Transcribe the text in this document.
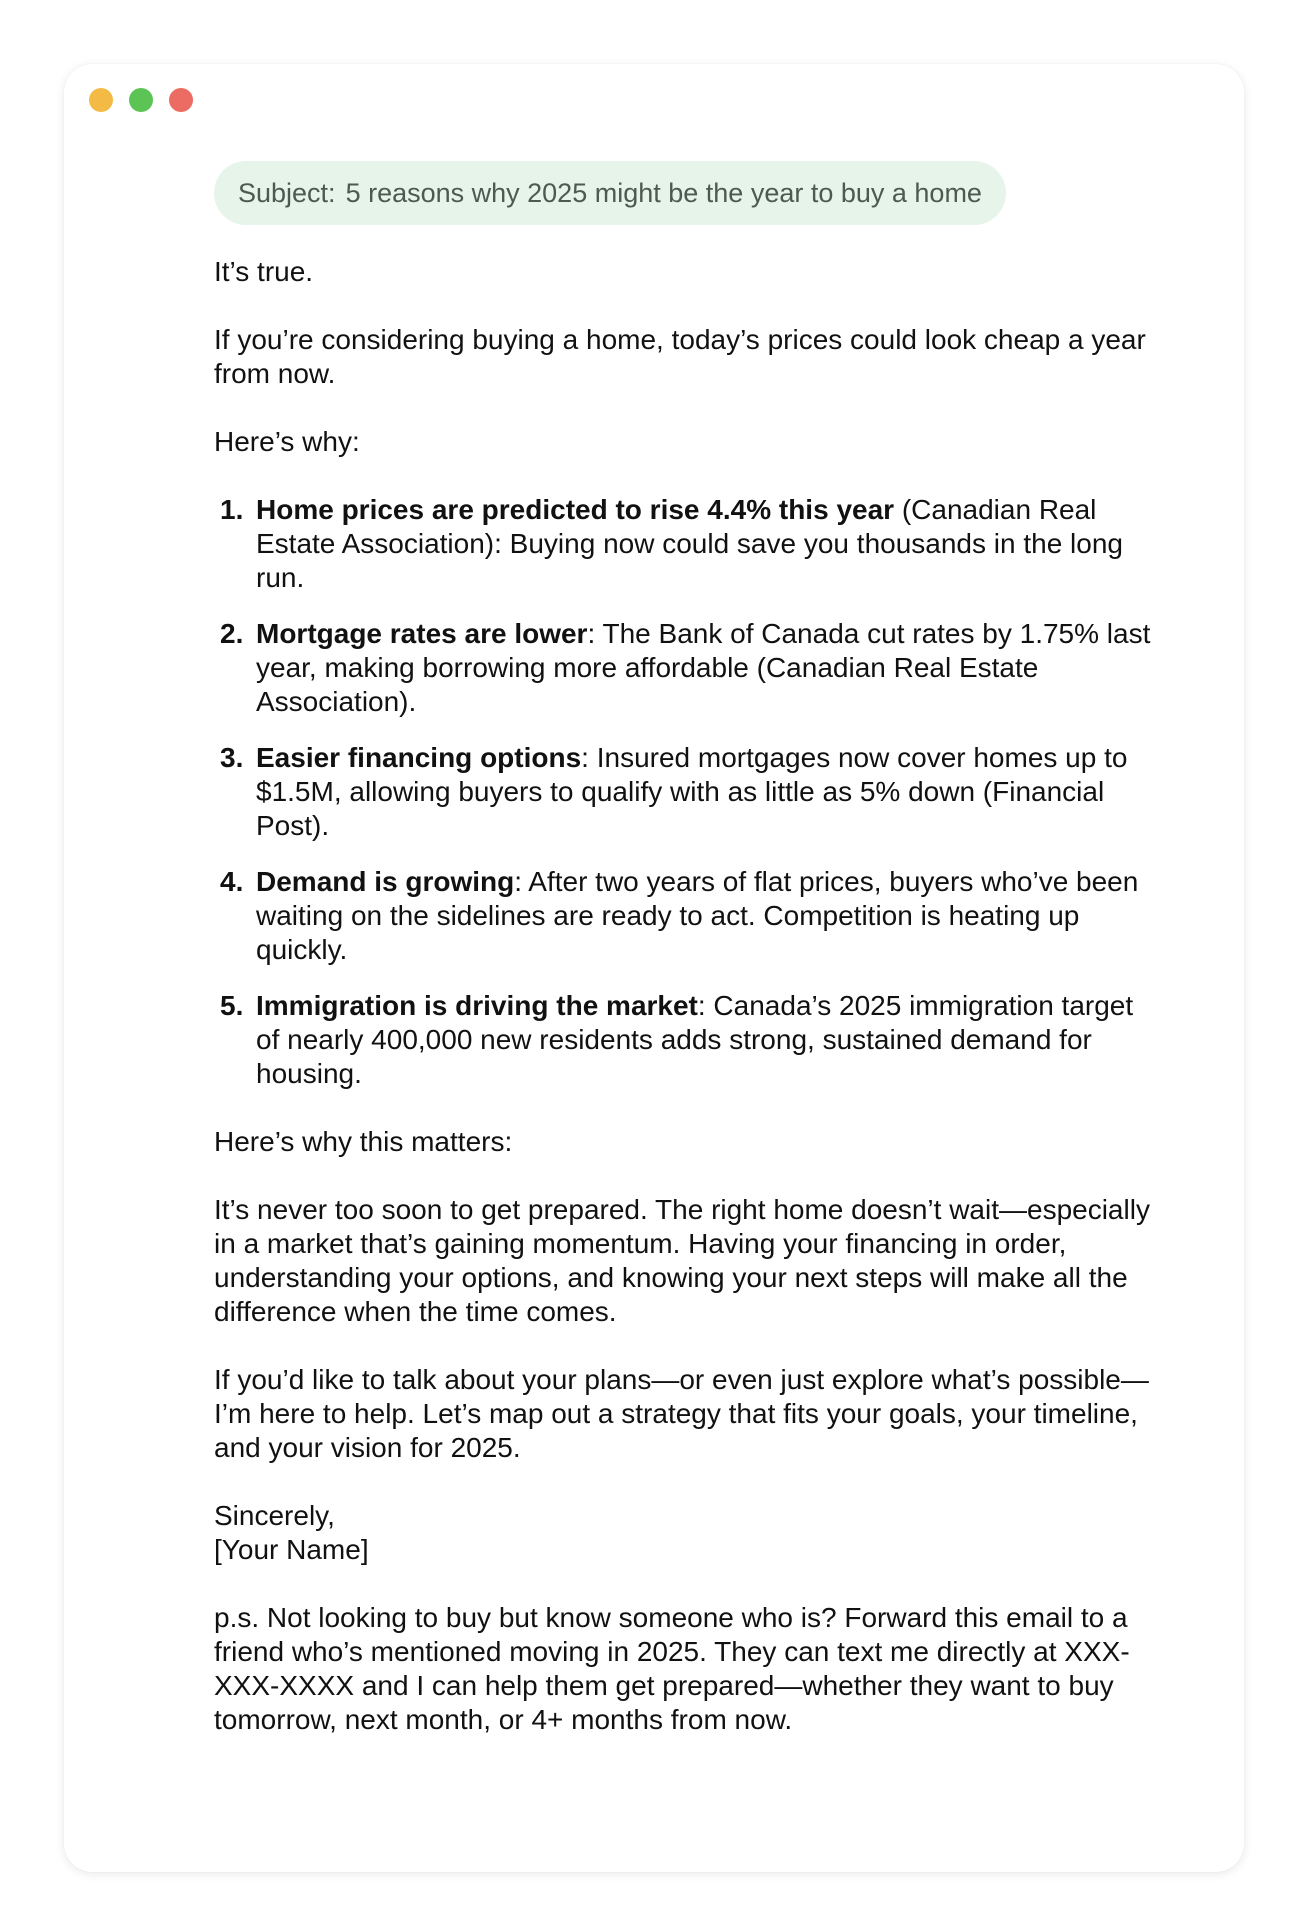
Subject: 5 reasons why 2025 might be the year to buy a home

It’s true.

If you’re considering buying a home, today’s prices could look cheap a year from now.

Here’s why:

1. Home prices are predicted to rise 4.4% this year (Canadian Real Estate Association): Buying now could save you thousands in the long run.
2. Mortgage rates are lower: The Bank of Canada cut rates by 1.75% last year, making borrowing more affordable (Canadian Real Estate Association).
3. Easier financing options: Insured mortgages now cover homes up to $1.5M, allowing buyers to qualify with as little as 5% down (Financial Post).
4. Demand is growing: After two years of flat prices, buyers who’ve been waiting on the sidelines are ready to act. Competition is heating up quickly.
5. Immigration is driving the market: Canada’s 2025 immigration target of nearly 400,000 new residents adds strong, sustained demand for housing.

Here’s why this matters:

It’s never too soon to get prepared. The right home doesn’t wait—especially in a market that’s gaining momentum. Having your financing in order, understanding your options, and knowing your next steps will make all the difference when the time comes.

If you’d like to talk about your plans—or even just explore what’s possible—I’m here to help. Let’s map out a strategy that fits your goals, your timeline, and your vision for 2025.

Sincerely,
[Your Name]

p.s. Not looking to buy but know someone who is? Forward this email to a friend who’s mentioned moving in 2025. They can text me directly at XXX-XXX-XXXX and I can help them get prepared—whether they want to buy tomorrow, next month, or 4+ months from now.
